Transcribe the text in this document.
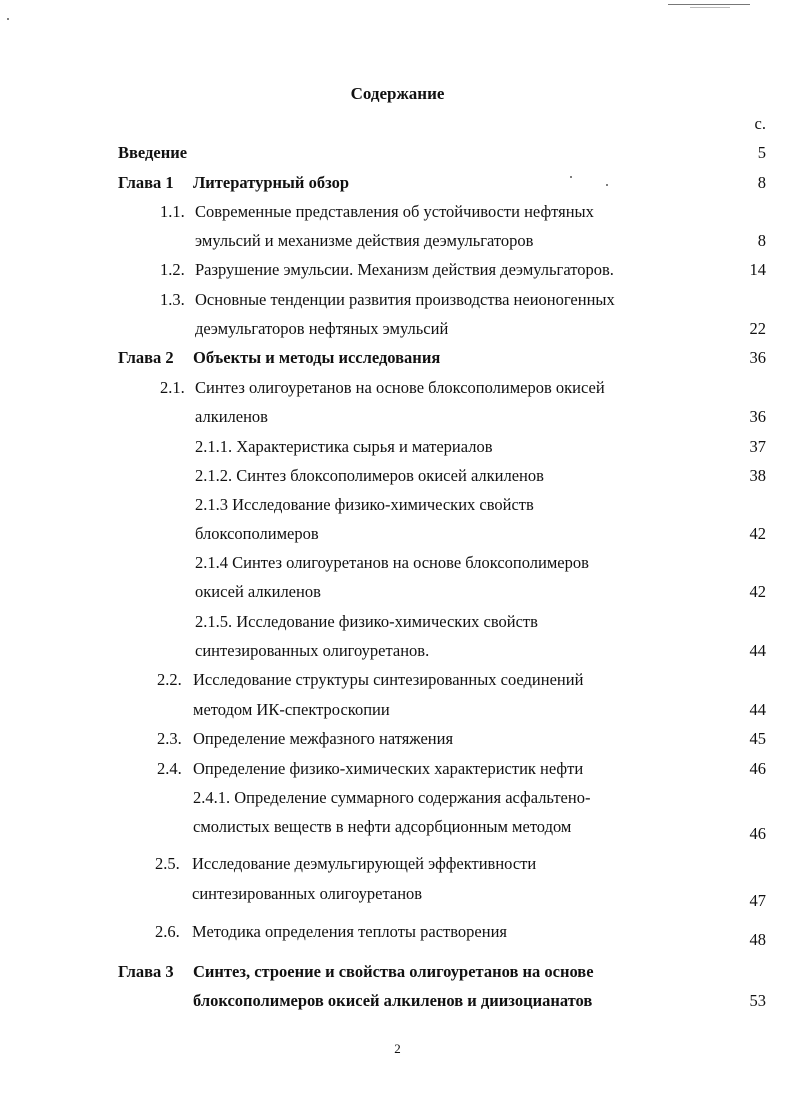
Содержание
с.
Введение	5
Глава 1 Литературный обзор	8
1.1. Современные представления об устойчивости нефтяных
эмульсий и механизме действия деэмульгаторов	8
1.2. Разрушение эмульсии. Механизм действия деэмульгаторов.	14
1.3. Основные тенденции развития производства неионогенных
деэмульгаторов нефтяных эмульсий	22
Глава 2 Объекты и методы исследования	36
2.1. Синтез олигоуретанов на основе блоксополимеров окисей
алкиленов	36
2.1.1. Характеристика сырья и материалов	37
2.1.2. Синтез блоксополимеров окисей алкиленов	38
2.1.3 Исследование физико-химических свойств
блоксополимеров	42
2.1.4 Синтез олигоуретанов на основе блоксополимеров
окисей алкиленов	42
2.1.5. Исследование физико-химических свойств
синтезированных олигоуретанов.	44
2.2. Исследование структуры синтезированных соединений
методом ИК-спектроскопии	44
2.3. Определение межфазного натяжения	45
2.4. Определение физико-химических характеристик нефти	46
2.4.1. Определение суммарного содержания асфальтено-
смолистых веществ в нефти адсорбционным методом	46
2.5. Исследование деэмульгирующей эффективности
синтезированных олигоуретанов	47
2.6. Методика определения теплоты растворения	48
Глава 3 Синтез, строение и свойства олигоуретанов на основе
блоксополимеров окисей алкиленов и диизоцианатов	53
2
